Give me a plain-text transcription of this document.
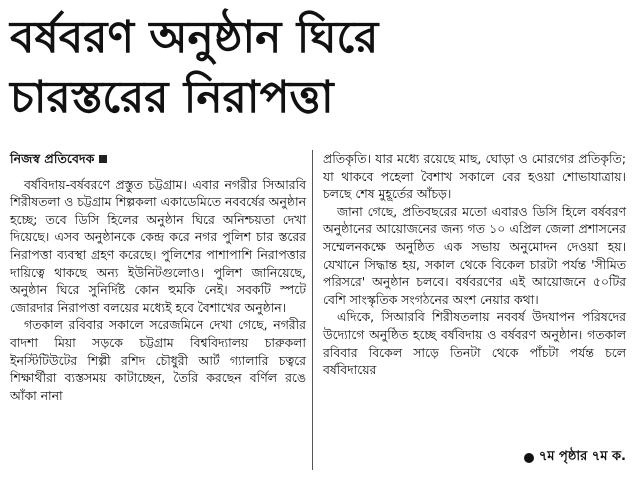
বর্ষবরণ অনুষ্ঠান ঘিরে
চারস্তরের নিরাপত্তা
নিজস্ব প্রতিবেদক

বর্ষবিদায়-বর্ষবরণে প্রস্তুত চট্টগ্রাম। এবার নগরীর সিআরবি শিরীষতলা ও চট্টগ্রাম শিল্পকলা একাডেমিতে নববর্ষের অনুষ্ঠান হচ্ছে; তবে ডিসি হিলের অনুষ্ঠান ঘিরে অনিশ্চয়তা দেখা দিয়েছে। এসব অনুষ্ঠানকে কেন্দ্র করে নগর পুলিশ চার স্তরের নিরাপত্তা ব্যবস্থা গ্রহণ করেছে। পুলিশের পাশাপাশি নিরাপত্তার দায়িত্বে থাকছে অন্য ইউনিটগুলোও। পুলিশ জানিয়েছে, অনুষ্ঠান ঘিরে সুনির্দিষ্ট কোন হুমকি নেই। সবকটি স্পটে জোরদার নিরাপত্তা বলয়ের মধ্যেই হবে বৈশাখের অনুষ্ঠান।

গতকাল রবিবার সকালে সরেজমিনে দেখা গেছে, নগরীর বাদশা মিয়া সড়কে চট্টগ্রাম বিশ্ববিদ্যালয় চারুকলা ইনস্টিটিউটের শিল্পী রশিদ চৌধুরী আর্ট গ্যালারি চত্বরে শিক্ষার্থীরা ব্যস্তসময় কাটাচ্ছেন, তৈরি করছেন বর্ণিল রঙে আঁকা নানা

প্রতিকৃতি। যার মধ্যে রয়েছে মাছ, ঘোড়া ও মোরগের প্রতিকৃতি; যা থাকবে পহেলা বৈশাখ সকালে বের হওয়া শোভাযাত্রায়। চলছে শেষ মুহূর্তের আঁচড়।

জানা গেছে, প্রতিবছরের মতো এবারও ডিসি হিলে বর্ষবরণ অনুষ্ঠানের আয়োজনের জন্য গত ১০ এপ্রিল জেলা প্রশাসনের সম্মেলনকক্ষে অনুষ্ঠিত এক সভায় অনুমোদন দেওয়া হয়। যেখানে সিদ্ধান্ত হয়, সকাল থেকে বিকেল চারটা পর্যন্ত 'সীমিত পরিসরে' অনুষ্ঠান চলবে। বর্ষবরণের এই আয়োজনে ৫০টির বেশি সাংস্কৃতিক সংগঠনের অংশ নেয়ার কথা।

এদিকে, সিআরবি শিরীষতলায় নববর্ষ উদযাপন পরিষদের উদ্যোগে অনুষ্ঠিত হচ্ছে বর্ষবিদায় ও বর্ষবরণ অনুষ্ঠান। গতকাল রবিবার বিকেল সাড়ে তিনটা থেকে পাঁচটা পর্যন্ত চলে বর্ষবিদায়ের

৭ম পৃষ্ঠার ৭ম ক.
